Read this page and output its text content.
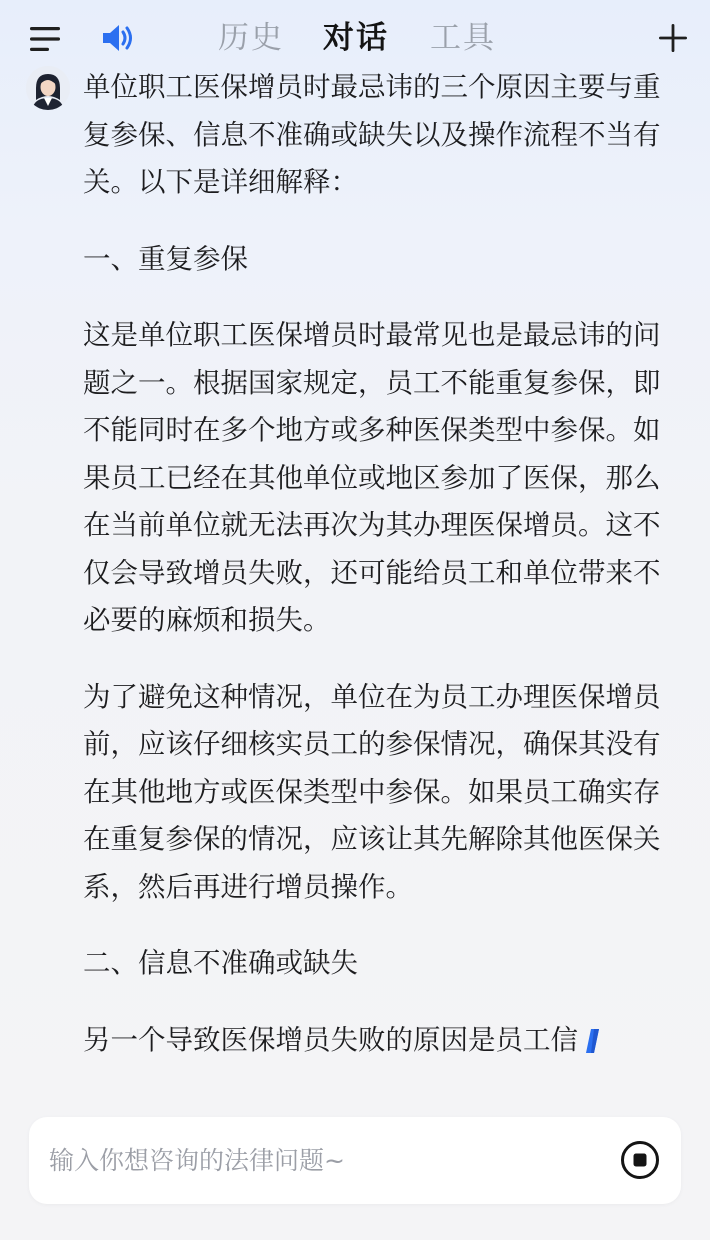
历史 对话 工具

单位职工医保增员时最忌讳的三个原因主要与重复参保、信息不准确或缺失以及操作流程不当有关。以下是详细解释：

一、重复参保

这是单位职工医保增员时最常见也是最忌讳的问题之一。根据国家规定，员工不能重复参保，即不能同时在多个地方或多种医保类型中参保。如果员工已经在其他单位或地区参加了医保，那么在当前单位就无法再次为其办理医保增员。这不仅会导致增员失败，还可能给员工和单位带来不必要的麻烦和损失。

为了避免这种情况，单位在为员工办理医保增员前，应该仔细核实员工的参保情况，确保其没有在其他地方或医保类型中参保。如果员工确实存在重复参保的情况，应该让其先解除其他医保关系，然后再进行增员操作。

二、信息不准确或缺失

另一个导致医保增员失败的原因是员工信

输入你想咨询的法律问题~
